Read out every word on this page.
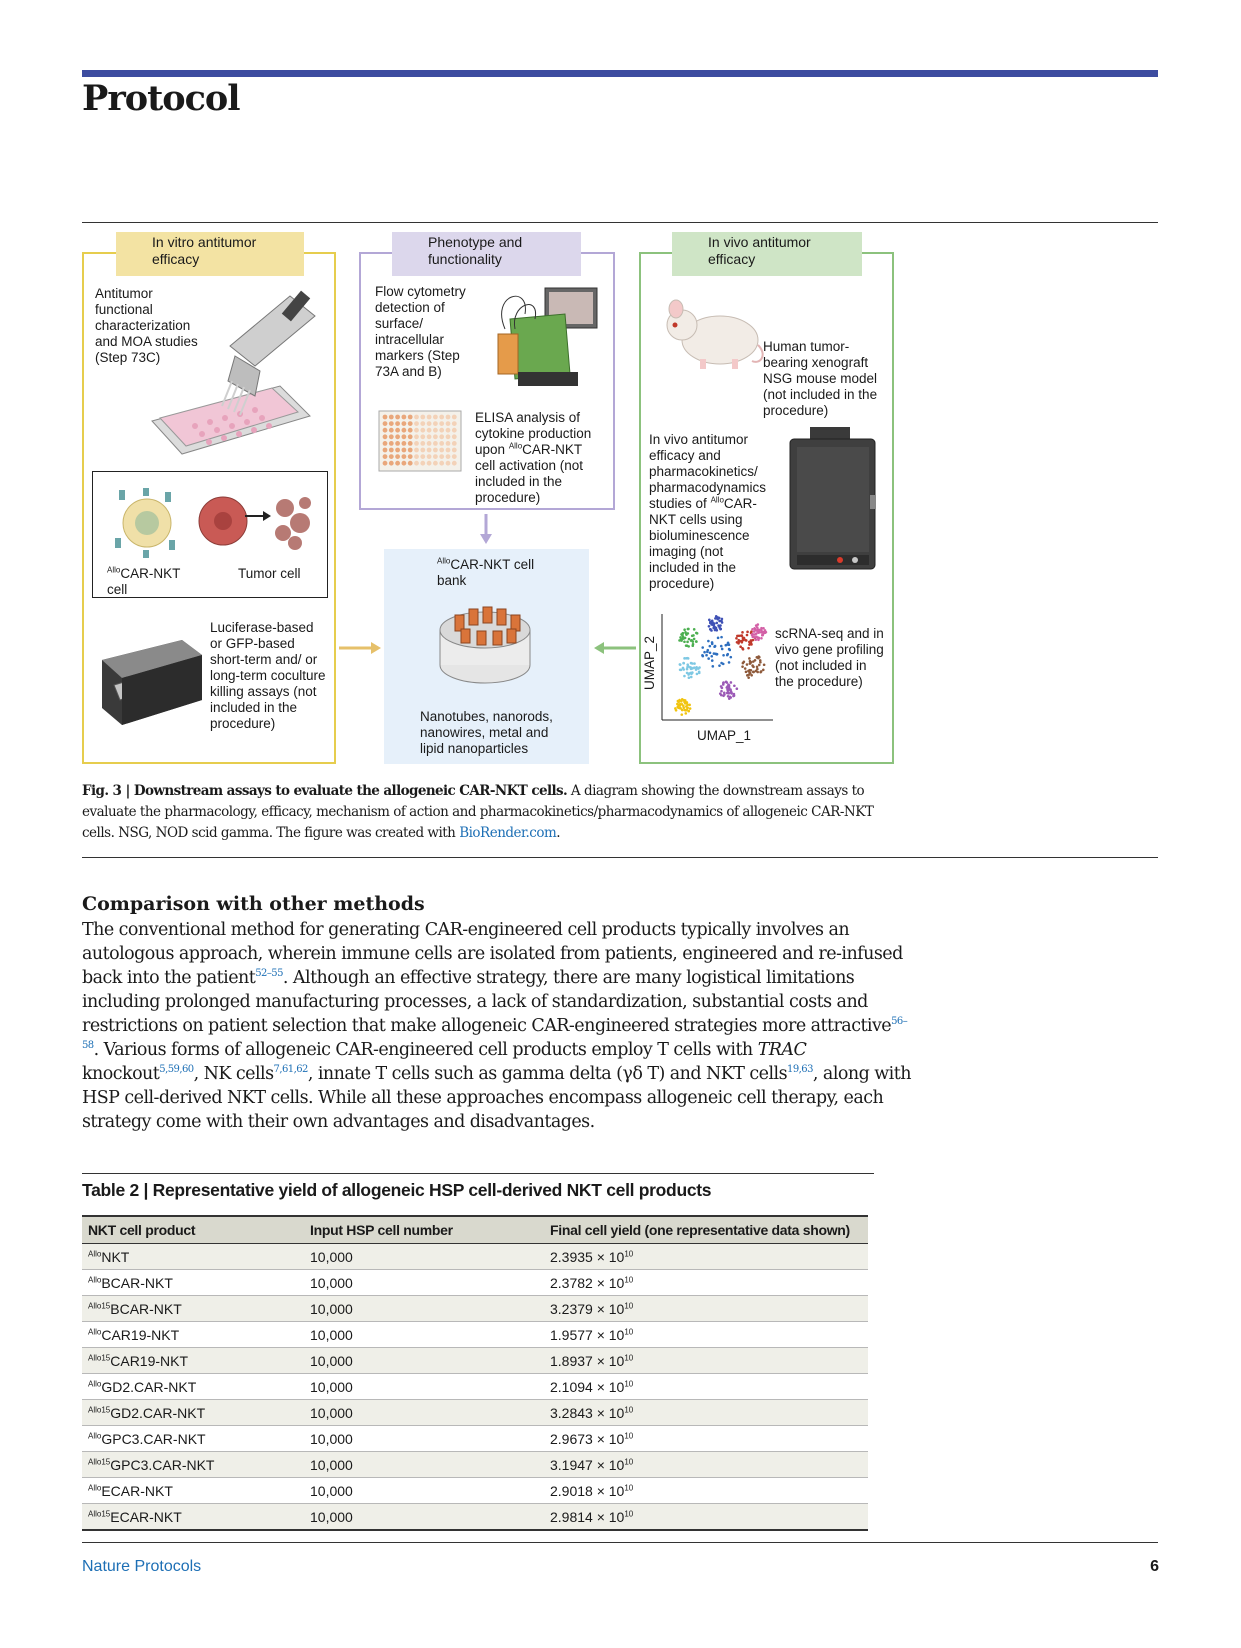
Protocol
In vitro antitumor efficacy
Antitumor functional characterization and MOA studies (Step 73C)
$^{Allo}$CAR-NKT cell
Tumor cell
Luciferase-based or GFP-based short-term and/ or long-term coculture killing assays (not included in the procedure)
Phenotype and functionality
Flow cytometry detection of surface/ intracellular markers (Step 73A and B)
ELISA analysis of cytokine production upon $^{Allo}$CAR-NKT cell activation (not included in the procedure)
$^{Allo}$CAR-NKT cell bank
Nanotubes, nanorods, nanowires, metal and lipid nanoparticles
In vivo antitumor efficacy
Human tumor-bearing xenograft NSG mouse model (not included in the procedure)
In vivo antitumor efficacy and pharmacokinetics/ pharmacodynamics studies of $^{Allo}$CAR-NKT cells using bioluminescence imaging (not included in the procedure)
UMAP_2
UMAP_1
scRNA-seq and in vivo gene profiling (not included in the procedure)
Fig. 3 | Downstream assays to evaluate the allogeneic CAR-NKT cells. A diagram showing the downstream assays to evaluate the pharmacology, efficacy, mechanism of action and pharmacokinetics/pharmacodynamics of allogeneic CAR-NKT cells. NSG, NOD scid gamma. The figure was created with BioRender.com.
Comparison with other methods
The conventional method for generating CAR-engineered cell products typically involves an autologous approach, wherein immune cells are isolated from patients, engineered and re-infused back into the patient$^{52-55}$. Although an effective strategy, there are many logistical limitations including prolonged manufacturing processes, a lack of standardization, substantial costs and restrictions on patient selection that make allogeneic CAR-engineered strategies more attractive$^{56-58}$. Various forms of allogeneic CAR-engineered cell products employ T cells with TRAC knockout$^{5,59,60}$, NK cells$^{7,61,62}$, innate T cells such as gamma delta (γδ T) and NKT cells$^{19,63}$, along with HSP cell-derived NKT cells. While all these approaches encompass allogeneic cell therapy, each strategy come with their own advantages and disadvantages.
Table 2 | Representative yield of allogeneic HSP cell-derived NKT cell products
NKT cell product	Input HSP cell number	Final cell yield (one representative data shown)
$^{Allo}$NKT	10,000	$2.3935 \times 10^{10}$
$^{Allo}$BCAR-NKT	10,000	$2.3782 \times 10^{10}$
$^{Allo15}$BCAR-NKT	10,000	$3.2379 \times 10^{10}$
$^{Allo}$CAR19-NKT	10,000	$1.9577 \times 10^{10}$
$^{Allo15}$CAR19-NKT	10,000	$1.8937 \times 10^{10}$
$^{Allo}$GD2.CAR-NKT	10,000	$2.1094 \times 10^{10}$
$^{Allo15}$GD2.CAR-NKT	10,000	$3.2843 \times 10^{10}$
$^{Allo}$GPC3.CAR-NKT	10,000	$2.9673 \times 10^{10}$
$^{Allo15}$GPC3.CAR-NKT	10,000	$3.1947 \times 10^{10}$
$^{Allo}$ECAR-NKT	10,000	$2.9018 \times 10^{10}$
$^{Allo15}$ECAR-NKT	10,000	$2.9814 \times 10^{10}$
Nature Protocols	6
